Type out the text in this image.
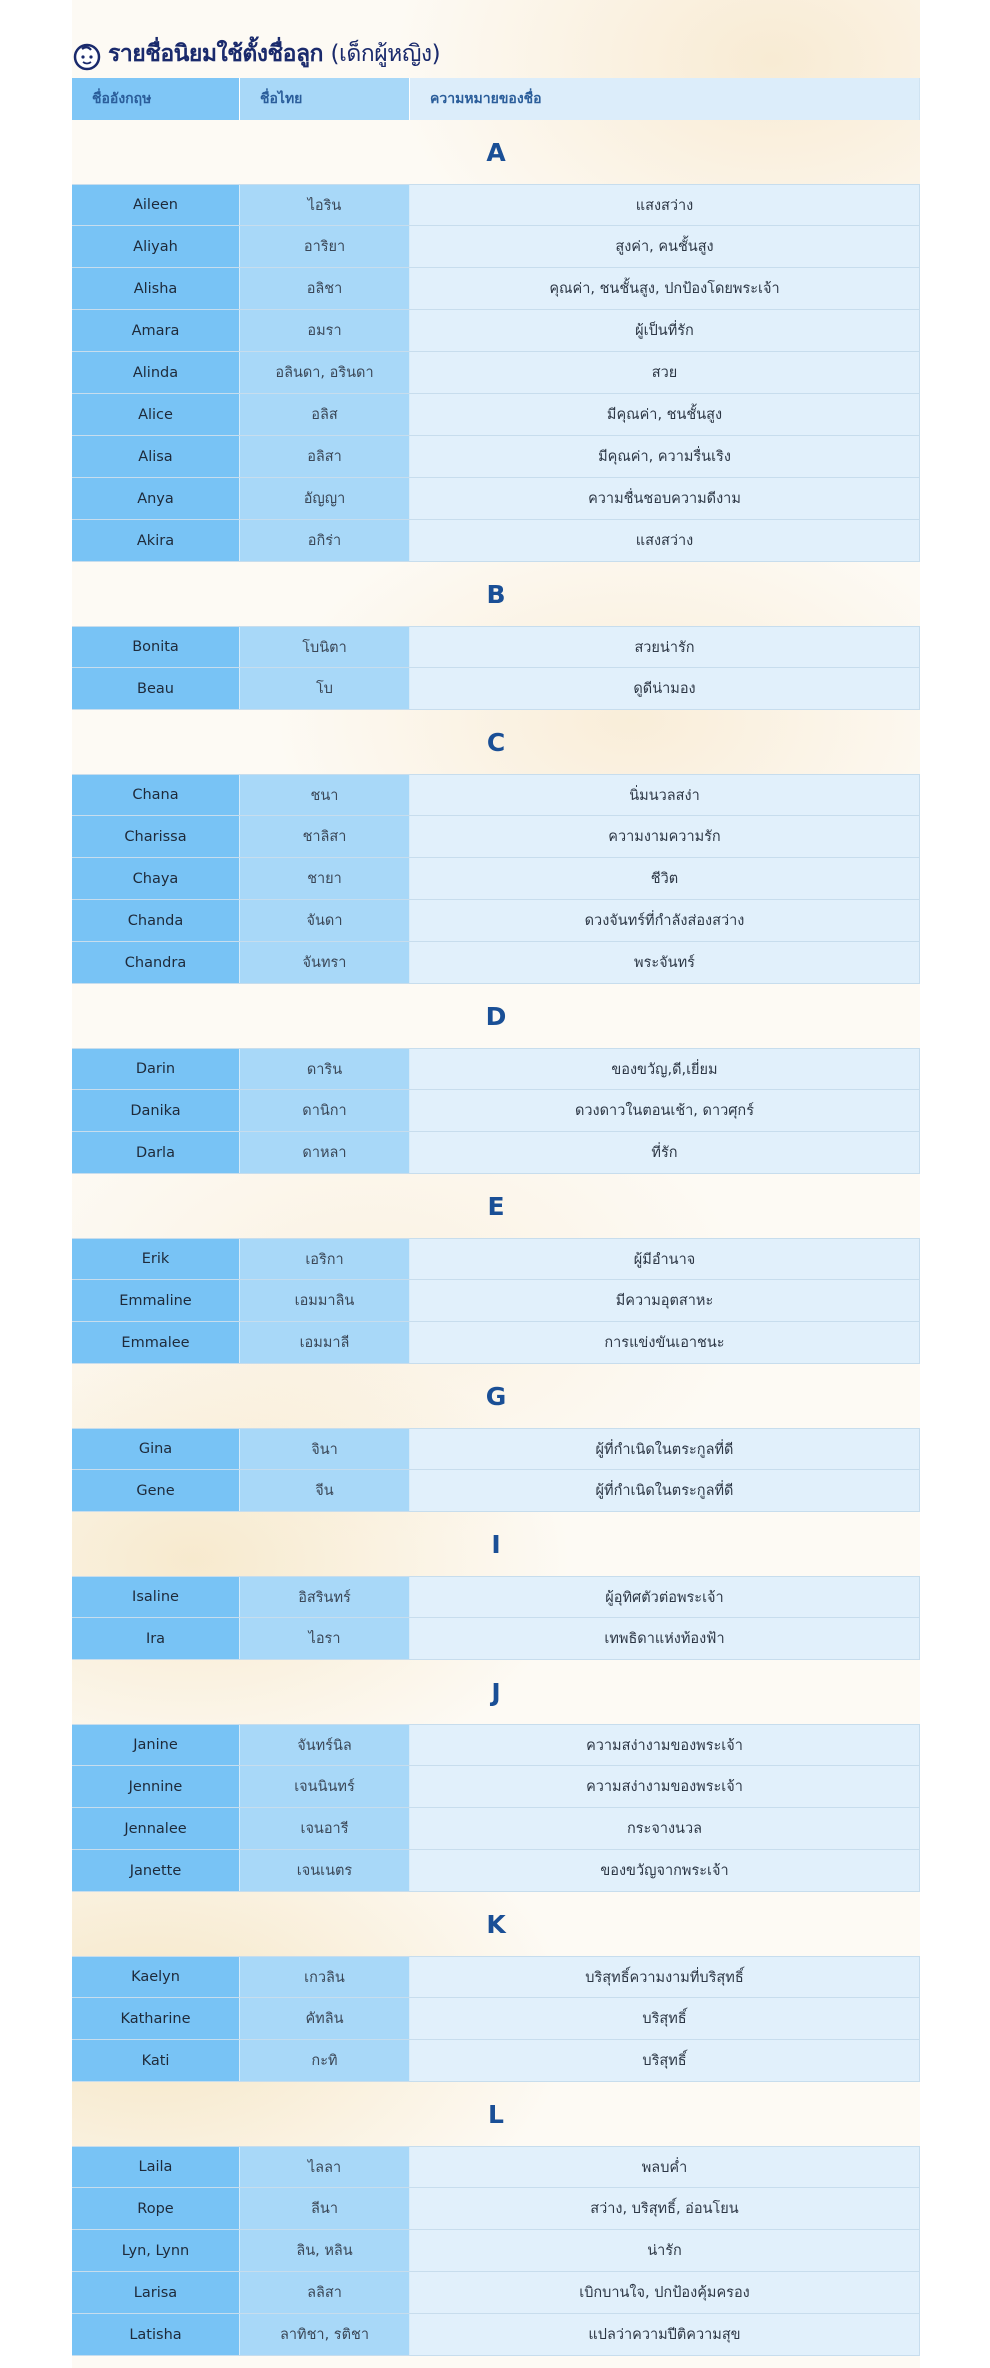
รายชื่อนิยมใช้ตั้งชื่อลูก (เด็กผู้หญิง)
ชื่ออังกฤษ	ชื่อไทย	ความหมายของชื่อ
A
Aileen	ไอริน	แสงสว่าง
Aliyah	อาริยา	สูงค่า, คนชั้นสูง
Alisha	อลิชา	คุณค่า, ชนชั้นสูง, ปกป้องโดยพระเจ้า
Amara	อมรา	ผู้เป็นที่รัก
Alinda	อลินดา, อรินดา	สวย
Alice	อลิส	มีคุณค่า, ชนชั้นสูง
Alisa	อลิสา	มีคุณค่า, ความรื่นเริง
Anya	อัญญา	ความชื่นชอบความดีงาม
Akira	อกิร่า	แสงสว่าง
B
Bonita	โบนิตา	สวยน่ารัก
Beau	โบ	ดูดีน่ามอง
C
Chana	ชนา	นิ่มนวลสง่า
Charissa	ชาลิสา	ความงามความรัก
Chaya	ชายา	ชีวิต
Chanda	จันดา	ดวงจันทร์ที่กำลังส่องสว่าง
Chandra	จันทรา	พระจันทร์
D
Darin	ดาริน	ของขวัญ,ดี,เยี่ยม
Danika	ดานิกา	ดวงดาวในตอนเช้า, ดาวศุกร์
Darla	ดาหลา	ที่รัก
E
Erik	เอริกา	ผู้มีอำนาจ
Emmaline	เอมมาลิน	มีความอุตสาหะ
Emmalee	เอมมาลี	การแข่งขันเอาชนะ
G
Gina	จินา	ผู้ที่กำเนิดในตระกูลที่ดี
Gene	จีน	ผู้ที่กำเนิดในตระกูลที่ดี
I
Isaline	อิสรินทร์	ผู้อุทิศตัวต่อพระเจ้า
Ira	ไอรา	เทพธิดาแห่งท้องฟ้า
J
Janine	จันทร์นิล	ความสง่างามของพระเจ้า
Jennine	เจนนินทร์	ความสง่างามของพระเจ้า
Jennalee	เจนอารี	กระจางนวล
Janette	เจนเนตร	ของขวัญจากพระเจ้า
K
Kaelyn	เกวลิน	บริสุทธิ์ความงามที่บริสุทธิ์
Katharine	คัทลิน	บริสุทธิ์
Kati	กะทิ	บริสุทธิ์
L
Laila	ไลลา	พลบค่ำ
Rope	ลีนา	สว่าง, บริสุทธิ์, อ่อนโยน
Lyn, Lynn	ลิน, หลิน	น่ารัก
Larisa	ลลิสา	เบิกบานใจ, ปกป้องคุ้มครอง
Latisha	ลาทิชา, รติชา	แปลว่าความปีติความสุข
